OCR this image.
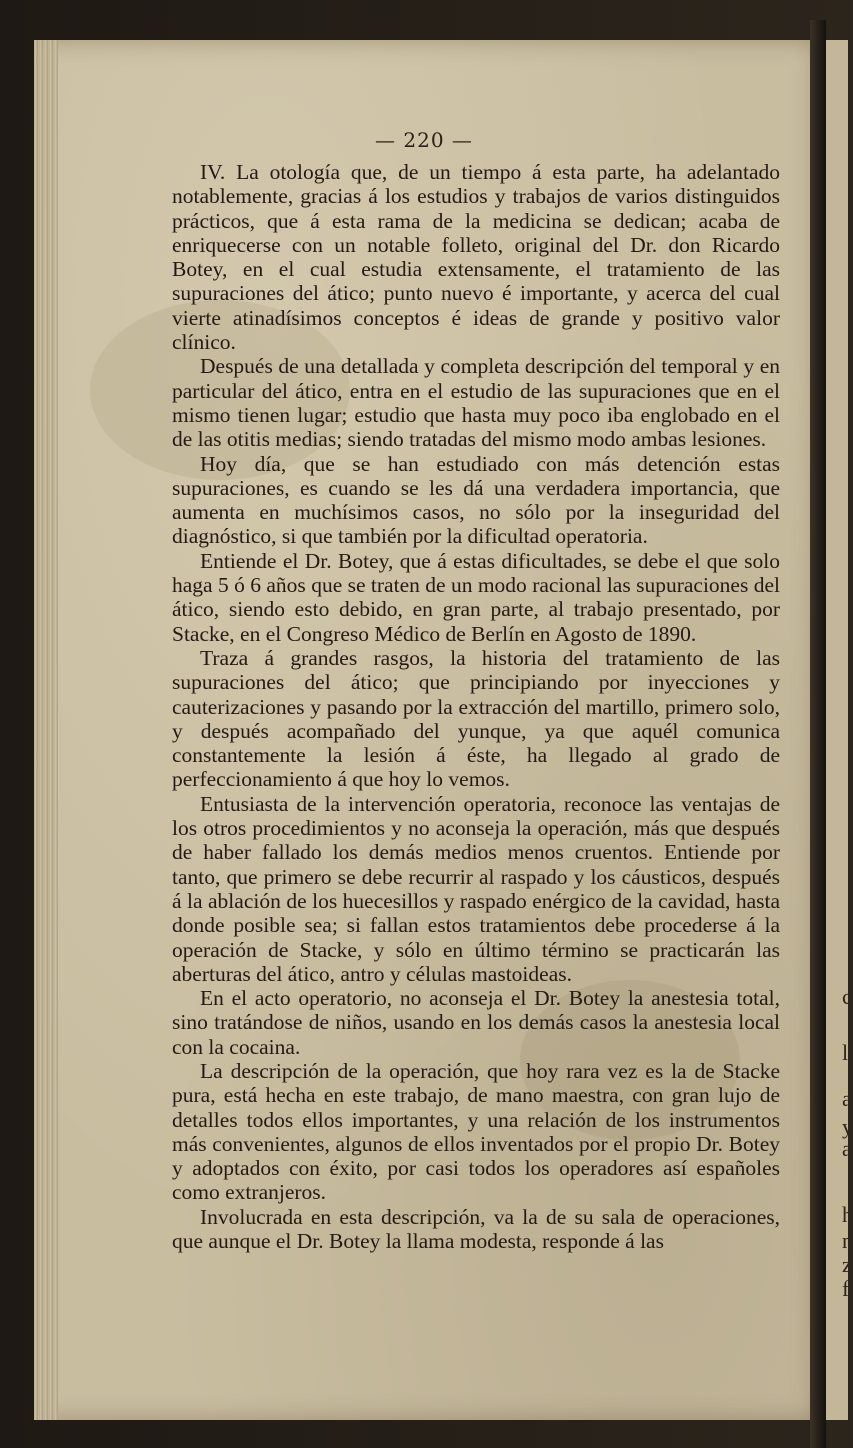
c
l
a
y
a
h
n
z
f
— 220 —

IV. La otología que, de un tiempo á esta parte, ha adelantado notablemente, gracias á los estudios y trabajos de varios distinguidos prácticos, que á esta rama de la medicina se dedican; acaba de enriquecerse con un notable folleto, original del Dr. don Ricardo Botey, en el cual estudia extensamente, el tratamiento de las supuraciones del ático; punto nuevo é importante, y acerca del cual vierte atinadísimos conceptos é ideas de grande y positivo valor clínico.

Después de una detallada y completa descripción del temporal y en particular del ático, entra en el estudio de las supuraciones que en el mismo tienen lugar; estudio que hasta muy poco iba englobado en el de las otitis medias; siendo tratadas del mismo modo ambas lesiones.

Hoy día, que se han estudiado con más detención estas supuraciones, es cuando se les dá una verdadera importancia, que aumenta en muchísimos casos, no sólo por la inseguridad del diagnóstico, si que también por la dificultad operatoria.

Entiende el Dr. Botey, que á estas dificultades, se debe el que solo haga 5 ó 6 años que se traten de un modo racional las supuraciones del ático, siendo esto debido, en gran parte, al trabajo presentado, por Stacke, en el Congreso Médico de Berlín en Agosto de 1890.

Traza á grandes rasgos, la historia del tratamiento de las supuraciones del ático; que principiando por inyecciones y cauterizaciones y pasando por la extracción del martillo, primero solo, y después acompañado del yunque, ya que aquél comunica constantemente la lesión á éste, ha llegado al grado de perfeccionamiento á que hoy lo vemos.

Entusiasta de la intervención operatoria, reconoce las ventajas de los otros procedimientos y no aconseja la operación, más que después de haber fallado los demás medios menos cruentos. Entiende por tanto, que primero se debe recurrir al raspado y los cáusticos, después á la ablación de los huecesillos y raspado enérgico de la cavidad, hasta donde posible sea; si fallan estos tratamientos debe procederse á la operación de Stacke, y sólo en último término se practicarán las aberturas del ático, antro y células mastoideas.

En el acto operatorio, no aconseja el Dr. Botey la anestesia total, sino tratándose de niños, usando en los demás casos la anestesia local con la cocaina.

La descripción de la operación, que hoy rara vez es la de Stacke pura, está hecha en este trabajo, de mano maestra, con gran lujo de detalles todos ellos importantes, y una relación de los instrumentos más convenientes, algunos de ellos inventados por el propio Dr. Botey y adoptados con éxito, por casi todos los operadores así españoles como extranjeros.

Involucrada en esta descripción, va la de su sala de operaciones, que aunque el Dr. Botey la llama modesta, responde á las
